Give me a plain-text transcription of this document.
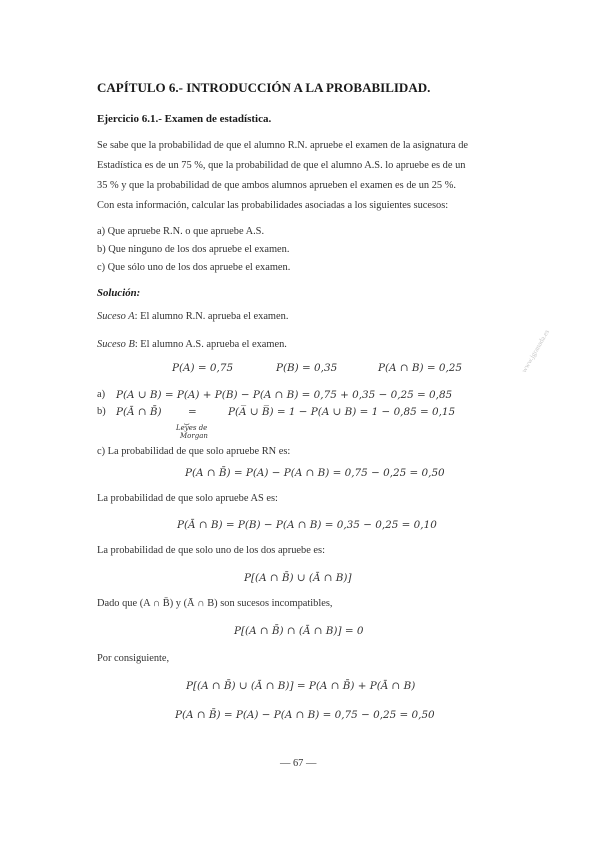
CAPÍTULO 6.- INTRODUCCIÓN A LA PROBABILIDAD.
Ejercicio 6.1.- Examen de estadística.
Se sabe que la probabilidad de que el alumno R.N. apruebe el examen de la asignatura de
Estadística es de un 75 %, que la probabilidad de que el alumno A.S. lo apruebe es de un
35 % y que la probabilidad de que ambos alumnos aprueben el examen es de un 25 %.
Con esta información, calcular las probabilidades asociadas a los siguientes sucesos:
a) Que apruebe R.N. o que apruebe A.S.
b) Que ninguno de los dos apruebe el examen.
c) Que sólo uno de los dos apruebe el examen.
Solución:
Suceso A: El alumno R.N. aprueba el examen.
Suceso B: El alumno A.S. aprueba el examen.
P(A) = 0,75	P(B) = 0,35	P(A ∩ B) = 0,25
a) P(A ∪ B) = P(A) + P(B) − P(A ∩ B) = 0,75 + 0,35 − 0,25 = 0,85
b) P(Ā ∩ B̄)	=
⏟
Leyes de
Morgan
P(A̅ ∪ B̅) = 1 − P(A ∪ B) = 1 − 0,85 = 0,15
c) La probabilidad de que solo apruebe RN es:
P(A ∩ B̄) = P(A) − P(A ∩ B) = 0,75 − 0,25 = 0,50
La probabilidad de que solo apruebe AS es:
P(Ā ∩ B) = P(B) − P(A ∩ B) = 0,35 − 0,25 = 0,10
La probabilidad de que solo uno de los dos apruebe es:
P[(A ∩ B̄) ∪ (Ā ∩ B)]
Dado que (A ∩ B̄) y (Ā ∩ B) son sucesos incompatibles,
P[(A ∩ B̄) ∩ (Ā ∩ B)] = 0
Por consiguiente,
P[(A ∩ B̄) ∪ (Ā ∩ B)] = P(A ∩ B̄) + P(Ā ∩ B)
P(A ∩ B̄) = P(A) − P(A ∩ B) = 0,75 − 0,25 = 0,50
— 67 —
www.jgranada.es
